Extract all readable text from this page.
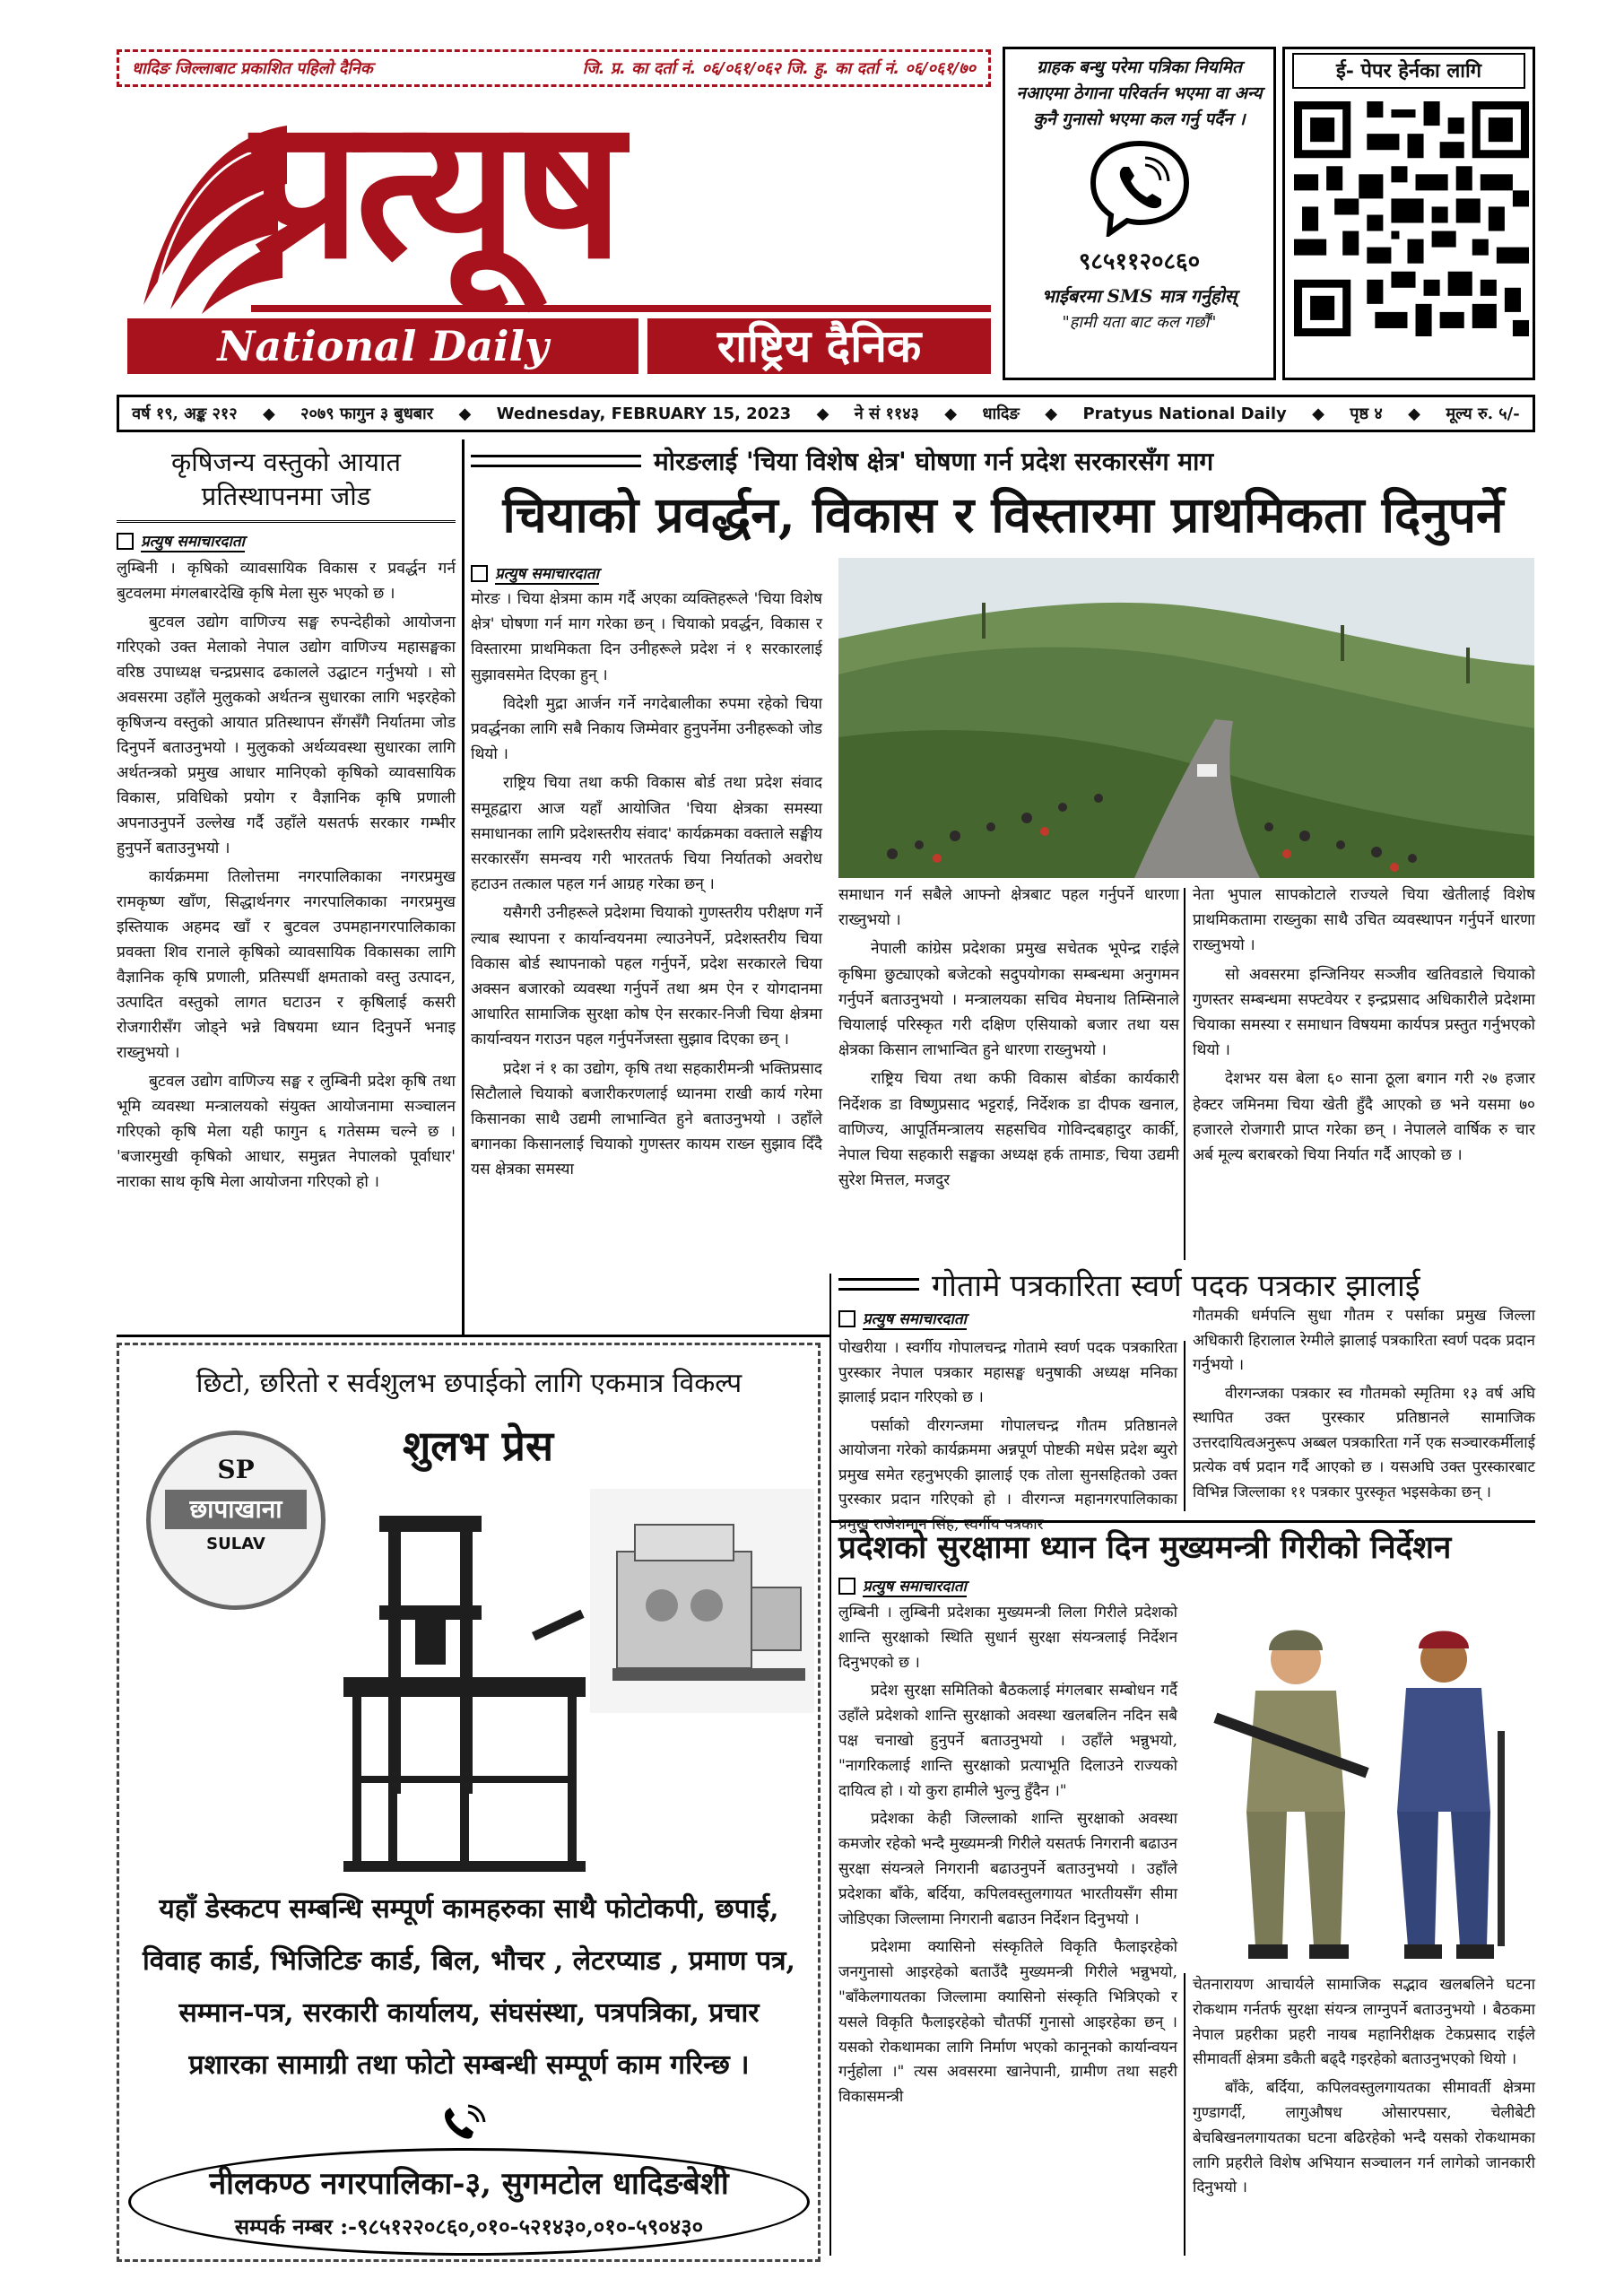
धादिङ जिल्लाबाट प्रकाशित पहिलो दैनिक	जि. प्र. का दर्ता नं. ०६/०६१/०६२ जि. हु. का दर्ता नं. ०६/०६१/७०
प्रत्यूष
National Daily	राष्ट्रिय दैनिक
ग्राहक बन्धु परेमा पत्रिका नियमित नआएमा ठेगाना परिवर्तन भएमा वा अन्य कुनै गुनासो भएमा कल गर्नु पर्दैन ।
९८५११२०८६०
भाईबरमा SMS मात्र गर्नुहोस्
"हामी यता बाट कल गर्छौं"
ई- पेपर हेर्नका लागि
वर्ष १९, अङ्क २१२ ◆ २०७९ फागुन ३ बुधबार ◆ Wednesday, FEBRUARY 15, 2023 ◆ ने सं ११४३ ◆ धादिङ ◆ Pratyus National Daily ◆ पृष्ठ ४ ◆ मूल्य रु. ५/-
कृषिजन्य वस्तुको आयात प्रतिस्थापनमा जोड
प्रत्युष समाचारदाता

लुम्बिनी । कृषिको व्यावसायिक विकास र प्रवर्द्धन गर्न बुटवलमा मंगलबारदेखि कृषि मेला सुरु भएको छ ।

बुटवल उद्योग वाणिज्य सङ्घ रुपन्देहीको आयोजना गरिएको उक्त मेलाको नेपाल उद्योग वाणिज्य महासङ्घका वरिष्ठ उपाध्यक्ष चन्द्रप्रसाद ढकालले उद्घाटन गर्नुभयो । सो अवसरमा उहाँले मुलुकको अर्थतन्त्र सुधारका लागि भइरहेको कृषिजन्य वस्तुको आयात प्रतिस्थापन सँगसँगै निर्यातमा जोड दिनुपर्ने बताउनुभयो । मुलुकको अर्थव्यवस्था सुधारका लागि अर्थतन्त्रको प्रमुख आधार मानिएको कृषिको व्यावसायिक विकास, प्रविधिको प्रयोग र वैज्ञानिक कृषि प्रणाली अपनाउनुपर्ने उल्लेख गर्दै उहाँले यसतर्फ सरकार गम्भीर हुनुपर्ने बताउनुभयो ।

कार्यक्रममा तिलोत्तमा नगरपालिकाका नगरप्रमुख रामकृष्ण खाँण, सिद्धार्थनगर नगरपालिकाका नगरप्रमुख इस्तियाक अहमद खाँ र बुटवल उपमहानगरपालिकाका प्रवक्ता शिव रानाले कृषिको व्यावसायिक विकासका लागि वैज्ञानिक कृषि प्रणाली, प्रतिस्पर्धी क्षमताको वस्तु उत्पादन, उत्पादित वस्तुको लागत घटाउन र कृषिलाई कसरी रोजगारीसँग जोड्ने भन्ने विषयमा ध्यान दिनुपर्ने भनाइ राख्नुभयो ।

बुटवल उद्योग वाणिज्य सङ्घ र लुम्बिनी प्रदेश कृषि तथा भूमि व्यवस्था मन्त्रालयको संयुक्त आयोजनामा सञ्चालन गरिएको कृषि मेला यही फागुन ६ गतेसम्म चल्ने छ । 'बजारमुखी कृषिको आधार, समुन्नत नेपालको पूर्वाधार' नाराका साथ कृषि मेला आयोजना गरिएको हो ।

मोरङलाई 'चिया विशेष क्षेत्र' घोषणा गर्न प्रदेश सरकारसँग माग
चियाको प्रवर्द्धन, विकास र विस्तारमा प्राथमिकता दिनुपर्ने
प्रत्युष समाचारदाता

मोरङ । चिया क्षेत्रमा काम गर्दै अएका व्यक्तिहरूले 'चिया विशेष क्षेत्र' घोषणा गर्न माग गरेका छन् । चियाको प्रवर्द्धन, विकास र विस्तारमा प्राथमिकता दिन उनीहरूले प्रदेश नं १ सरकारलाई सुझावसमेत दिएका हुन् ।

विदेशी मुद्रा आर्जन गर्ने नगदेबालीका रुपमा रहेको चिया प्रवर्द्धनका लागि सबै निकाय जिम्मेवार हुनुपर्नेमा उनीहरूको जोड थियो ।

राष्ट्रिय चिया तथा कफी विकास बोर्ड तथा प्रदेश संवाद समूहद्वारा आज यहाँ आयोजित 'चिया क्षेत्रका समस्या समाधानका लागि प्रदेशस्तरीय संवाद' कार्यक्रमका वक्ताले सङ्घीय सरकारसँग समन्वय गरी भारततर्फ चिया निर्यातको अवरोध हटाउन तत्काल पहल गर्न आग्रह गरेका छन् ।

यसैगरी उनीहरूले प्रदेशमा चियाको गुणस्तरीय परीक्षण गर्ने ल्याब स्थापना र कार्यान्वयनमा ल्याउनेपर्ने, प्रदेशस्तरीय चिया विकास बोर्ड स्थापनाको पहल गर्नुपर्ने, प्रदेश सरकारले चिया अक्सन बजारको व्यवस्था गर्नुपर्ने तथा श्रम ऐन र योगदानमा आधारित सामाजिक सुरक्षा कोष ऐन सरकार-निजी चिया क्षेत्रमा कार्यान्वयन गराउन पहल गर्नुपर्नेजस्ता सुझाव दिएका छन् ।

प्रदेश नं १ का उद्योग, कृषि तथा सहकारीमन्त्री भक्तिप्रसाद सिटौलाले चियाको बजारीकरणलाई ध्यानमा राखी कार्य गरेमा किसानका साथै उद्यमी लाभान्वित हुने बताउनुभयो । उहाँले बगानका किसानलाई चियाको गुणस्तर कायम राख्न सुझाव दिँदै यस क्षेत्रका समस्या

समाधान गर्न सबैले आफ्नो क्षेत्रबाट पहल गर्नुपर्ने धारणा राख्नुभयो ।

नेपाली कांग्रेस प्रदेशका प्रमुख सचेतक भूपेन्द्र राईले कृषिमा छुट्याएको बजेटको सदुपयोगका सम्बन्धमा अनुगमन गर्नुपर्ने बताउनुभयो । मन्त्रालयका सचिव मेघनाथ तिम्सिनाले चियालाई परिस्कृत गरी दक्षिण एसियाको बजार तथा यस क्षेत्रका किसान लाभान्वित हुने धारणा राख्नुभयो ।

राष्ट्रिय चिया तथा कफी विकास बोर्डका कार्यकारी निर्देशक डा विष्णुप्रसाद भट्टराई, निर्देशक डा दीपक खनाल, वाणिज्य, आपूर्तिमन्त्रालय सहसचिव गोविन्दबहादुर कार्की, नेपाल चिया सहकारी सङ्घका अध्यक्ष हर्क तामाङ, चिया उद्यमी सुरेश मित्तल, मजदुर

नेता भुपाल सापकोटाले राज्यले चिया खेतीलाई विशेष प्राथमिकतामा राख्नुका साथै उचित व्यवस्थापन गर्नुपर्ने धारणा राख्नुभयो ।

सो अवसरमा इन्जिनियर सञ्जीव खतिवडाले चियाको गुणस्तर सम्बन्धमा सफ्टवेयर र इन्द्रप्रसाद अधिकारीले प्रदेशमा चियाका समस्या र समाधान विषयमा कार्यपत्र प्रस्तुत गर्नुभएको थियो ।

देशभर यस बेला ६० साना ठूला बगान गरी २७ हजार हेक्टर जमिनमा चिया खेती हुँदै आएको छ भने यसमा ७० हजारले रोजगारी प्राप्त गरेका छन् । नेपालले वार्षिक रु चार अर्ब मूल्य बराबरको चिया निर्यात गर्दै आएको छ ।

छिटो, छरितो र सर्वशुलभ छपाईको लागि एकमात्र विकल्प
शुलभ प्रेस
SP
छापाखाना
SULAV
यहाँ डेस्कटप सम्बन्धि सम्पूर्ण कामहरुका साथै फोटोकपी, छपाई,
विवाह कार्ड, भिजिटिङ कार्ड, बिल, भौचर , लेटरप्याड , प्रमाण पत्र,
सम्मान-पत्र, सरकारी कार्यालय, संघसंस्था, पत्रपत्रिका, प्रचार
प्रशारका सामाग्री तथा फोटो सम्बन्धी सम्पूर्ण काम गरिन्छ ।
नीलकण्ठ नगरपालिका-३, सुगमटोल धादिङबेशी
सम्पर्क नम्बर :-९८५१२२०८६०,०१०-५२१४३०,०१०-५९०४३०
गोतामे पत्रकारिता स्वर्ण पदक पत्रकार झालाई
प्रत्युष समाचारदाता

पोखरीया । स्वर्गीय गोपालचन्द्र गोतामे स्वर्ण पदक पत्रकारिता पुरस्कार नेपाल पत्रकार महासङ्घ धनुषाकी अध्यक्ष मनिका झालाई प्रदान गरिएको छ ।

पर्साको वीरगन्जमा गोपालचन्द्र गौतम प्रतिष्ठानले आयोजना गरेको कार्यक्रममा अन्नपूर्ण पोष्टकी मधेस प्रदेश ब्युरो प्रमुख समेत रहनुभएकी झालाई एक तोला सुनसहितको उक्त पुरस्कार प्रदान गरिएको हो । वीरगन्ज महानगरपालिकाका प्रमुख राजेशमान सिंह, स्वर्गीय पत्रकार

गौतमकी धर्मपत्नि सुधा गौतम र पर्साका प्रमुख जिल्ला अधिकारी हिरालाल रेग्मीले झालाई पत्रकारिता स्वर्ण पदक प्रदान गर्नुभयो ।

वीरगन्जका पत्रकार स्व गौतमको स्मृतिमा १३ वर्ष अघि स्थापित उक्त पुरस्कार प्रतिष्ठानले सामाजिक उत्तरदायित्वअनुरूप अब्बल पत्रकारिता गर्ने एक सञ्चारकर्मीलाई प्रत्येक वर्ष प्रदान गर्दै आएको छ । यसअघि उक्त पुरस्कारबाट विभिन्न जिल्लाका ११ पत्रकार पुरस्कृत भइसकेका छन् ।

प्रदेशको सुरक्षामा ध्यान दिन मुख्यमन्त्री गिरीको निर्देशन
प्रत्युष समाचारदाता

लुम्बिनी । लुम्बिनी प्रदेशका मुख्यमन्त्री लिला गिरीले प्रदेशको शान्ति सुरक्षाको स्थिति सुधार्न सुरक्षा संयन्त्रलाई निर्देशन दिनुभएको छ ।

प्रदेश सुरक्षा समितिको बैठकलाई मंगलबार सम्बोधन गर्दै उहाँले प्रदेशको शान्ति सुरक्षाको अवस्था खलबलिन नदिन सबै पक्ष चनाखो हुनुपर्ने बताउनुभयो । उहाँले भन्नुभयो, "नागरिकलाई शान्ति सुरक्षाको प्रत्याभूति दिलाउने राज्यको दायित्व हो । यो कुरा हामीले भुल्नु हुँदैन ।"

प्रदेशका केही जिल्लाको शान्ति सुरक्षाको अवस्था कमजोर रहेको भन्दै मुख्यमन्त्री गिरीले यसतर्फ निगरानी बढाउन सुरक्षा संयन्त्रले निगरानी बढाउनुपर्ने बताउनुभयो । उहाँले प्रदेशका बाँके, बर्दिया, कपिलवस्तुलगायत भारतीयसँग सीमा जोडिएका जिल्लामा निगरानी बढाउन निर्देशन दिनुभयो ।

प्रदेशमा क्यासिनो संस्कृतिले विकृति फैलाइरहेको जनगुनासो आइरहेको बताउँदै मुख्यमन्त्री गिरीले भन्नुभयो, "बाँकेलगायतका जिल्लामा क्यासिनो संस्कृति भित्रिएको र यसले विकृति फैलाइरहेको चौतर्फी गुनासो आइरहेका छन् । यसको रोकथामका लागि निर्माण भएको कानूनको कार्यान्वयन गर्नुहोला ।" त्यस अवसरमा खानेपानी, ग्रामीण तथा सहरी विकासमन्त्री

चेतनारायण आचार्यले सामाजिक सद्भाव खलबलिने घटना रोकथाम गर्नतर्फ सुरक्षा संयन्त्र लाग्नुपर्ने बताउनुभयो । बैठकमा नेपाल प्रहरीका प्रहरी नायब महानिरीक्षक टेकप्रसाद राईले सीमावर्ती क्षेत्रमा डकैती बढ्दै गइरहेको बताउनुभएको थियो ।

बाँके, बर्दिया, कपिलवस्तुलगायतका सीमावर्ती क्षेत्रमा गुण्डागर्दी, लागुऔषध ओसारपसार, चेलीबेटी बेचबिखनलगायतका घटना बढिरहेको भन्दै यसको रोकथामका लागि प्रहरीले विशेष अभियान सञ्चालन गर्न लागेको जानकारी दिनुभयो ।
